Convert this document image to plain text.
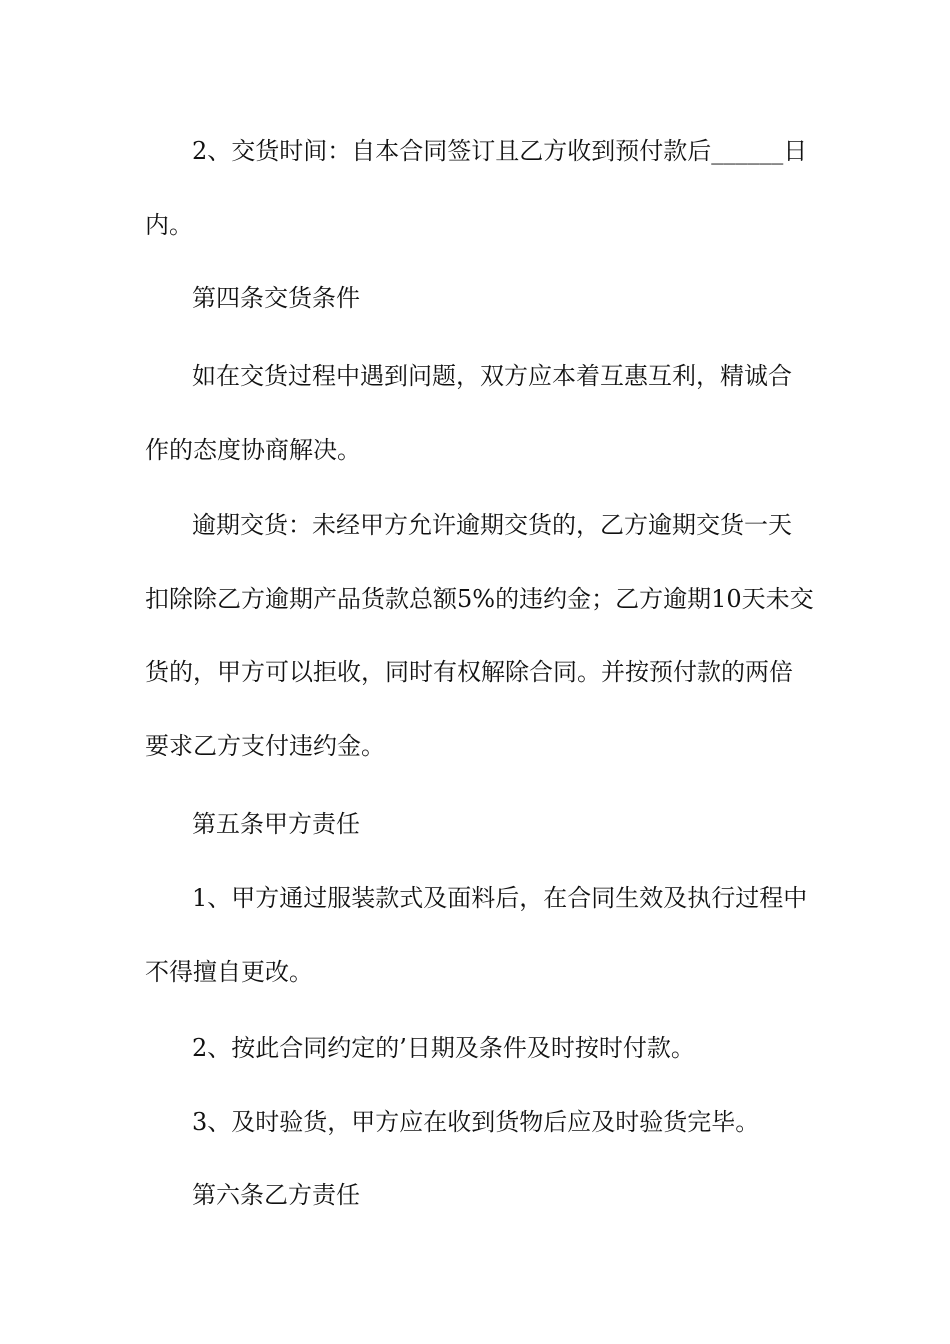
2、交货时间：自本合同签订且乙方收到预付款后______日
内。
第四条交货条件
如在交货过程中遇到问题，双方应本着互惠互利，精诚合
作的态度协商解决。
逾期交货：未经甲方允许逾期交货的，乙方逾期交货一天
扣除除乙方逾期产品货款总额5%的违约金；乙方逾期10天未交
货的，甲方可以拒收，同时有权解除合同。并按预付款的两倍
要求乙方支付违约金。
第五条甲方责任
1、甲方通过服装款式及面料后，在合同生效及执行过程中
不得擅自更改。
2、按此合同约定的’日期及条件及时按时付款。
3、及时验货，甲方应在收到货物后应及时验货完毕。
第六条乙方责任
